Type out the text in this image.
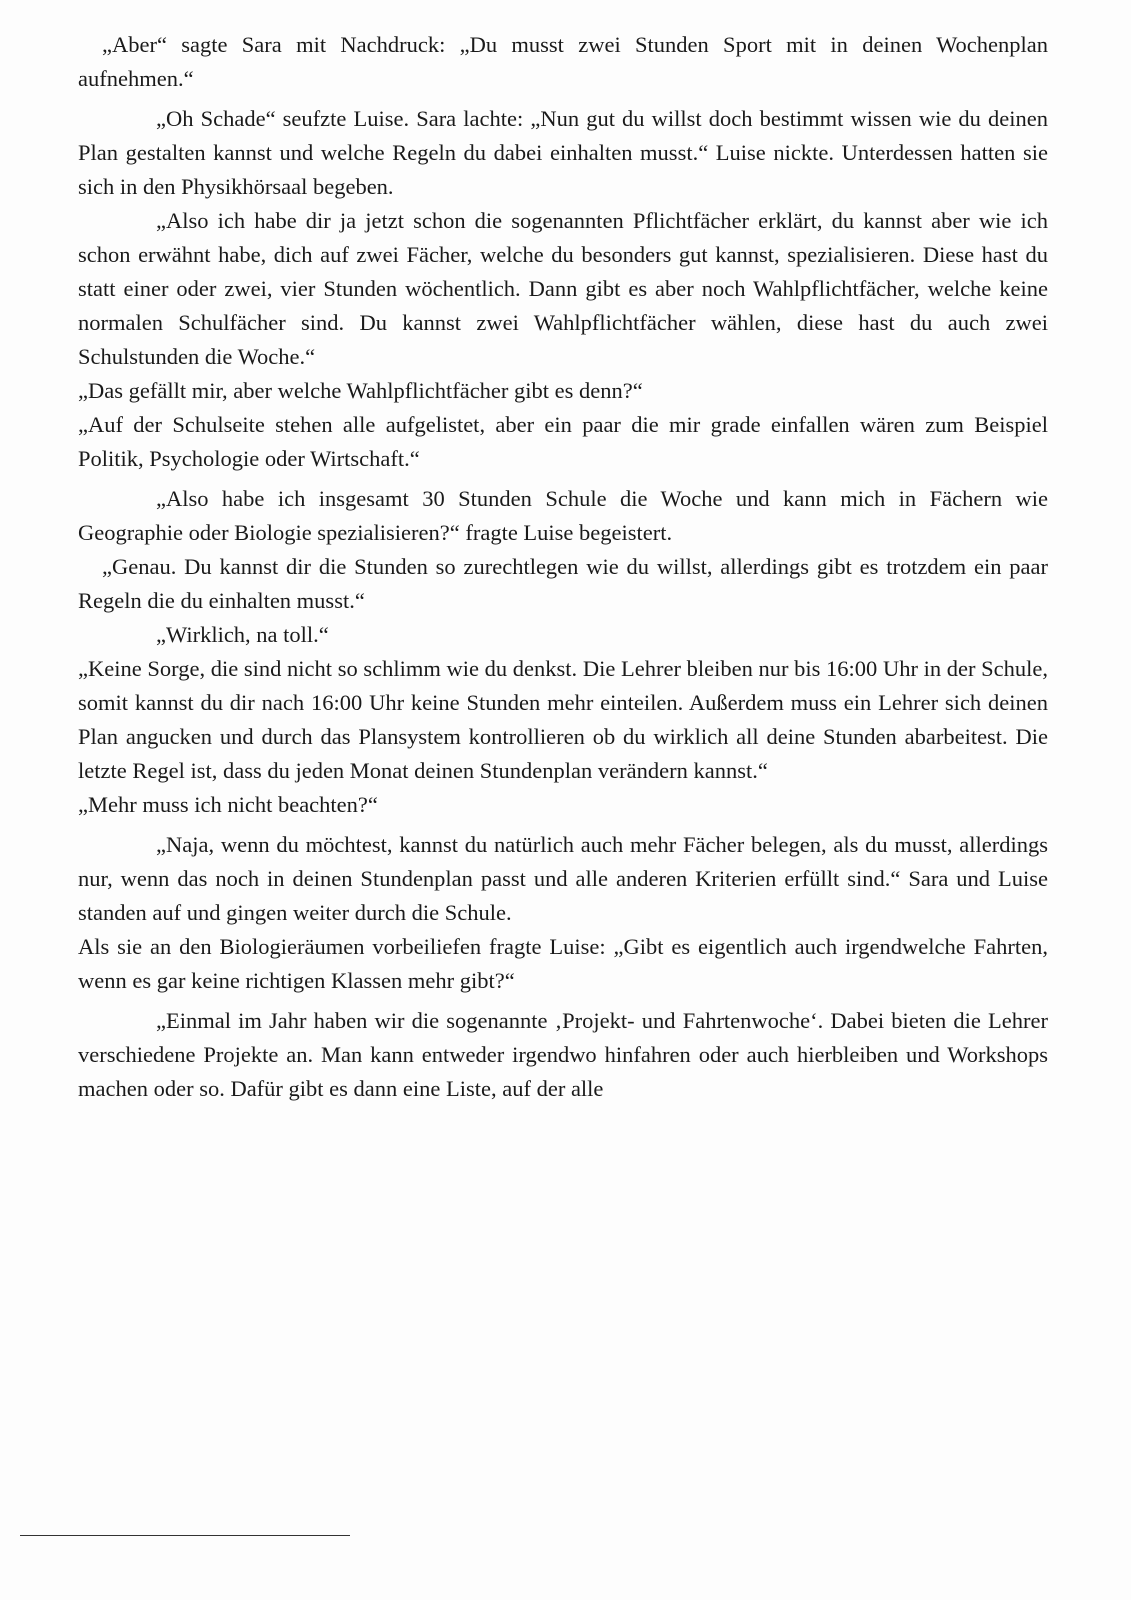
„Aber“ sagte Sara mit Nachdruck: „Du musst zwei Stunden Sport mit in deinen Wochenplan aufnehmen.“

„Oh Schade“ seufzte Luise. Sara lachte: „Nun gut du willst doch bestimmt wissen wie du deinen Plan gestalten kannst und welche Regeln du dabei einhalten musst.“ Luise nickte. Unterdessen hatten sie sich in den Physikhörsaal begeben.

„Also ich habe dir ja jetzt schon die sogenannten Pflichtfächer erklärt, du kannst aber wie ich schon erwähnt habe, dich auf zwei Fächer, welche du besonders gut kannst, spezialisieren. Diese hast du statt einer oder zwei, vier Stunden wöchentlich. Dann gibt es aber noch Wahlpflichtfächer, welche keine normalen Schulfächer sind. Du kannst zwei Wahlpflichtfächer wählen, diese hast du auch zwei Schulstunden die Woche.“

„Das gefällt mir, aber welche Wahlpflichtfächer gibt es denn?“

„Auf der Schulseite stehen alle aufgelistet, aber ein paar die mir grade einfallen wären zum Beispiel Politik, Psychologie oder Wirtschaft.“

„Also habe ich insgesamt 30 Stunden Schule die Woche und kann mich in Fächern wie Geographie oder Biologie spezialisieren?“ fragte Luise begeistert.

„Genau. Du kannst dir die Stunden so zurechtlegen wie du willst, allerdings gibt es trotzdem ein paar Regeln die du einhalten musst.“

„Wirklich, na toll.“

„Keine Sorge, die sind nicht so schlimm wie du denkst. Die Lehrer bleiben nur bis 16:00 Uhr in der Schule, somit kannst du dir nach 16:00 Uhr keine Stunden mehr einteilen. Außerdem muss ein Lehrer sich deinen Plan angucken und durch das Plansystem kontrollieren ob du wirklich all deine Stunden abarbeitest. Die letzte Regel ist, dass du jeden Monat deinen Stundenplan verändern kannst.“

„Mehr muss ich nicht beachten?“

„Naja, wenn du möchtest, kannst du natürlich auch mehr Fächer belegen, als du musst, allerdings nur, wenn das noch in deinen Stundenplan passt und alle anderen Kriterien erfüllt sind.“ Sara und Luise standen auf und gingen weiter durch die Schule.

Als sie an den Biologieräumen vorbeiliefen fragte Luise: „Gibt es eigentlich auch irgendwelche Fahrten, wenn es gar keine richtigen Klassen mehr gibt?“

„Einmal im Jahr haben wir die sogenannte ‚Projekt- und Fahrtenwoche‘. Dabei bieten die Lehrer verschiedene Projekte an. Man kann entweder irgendwo hinfahren oder auch hierbleiben und Workshops machen oder so. Dafür gibt es dann eine Liste, auf der alle
